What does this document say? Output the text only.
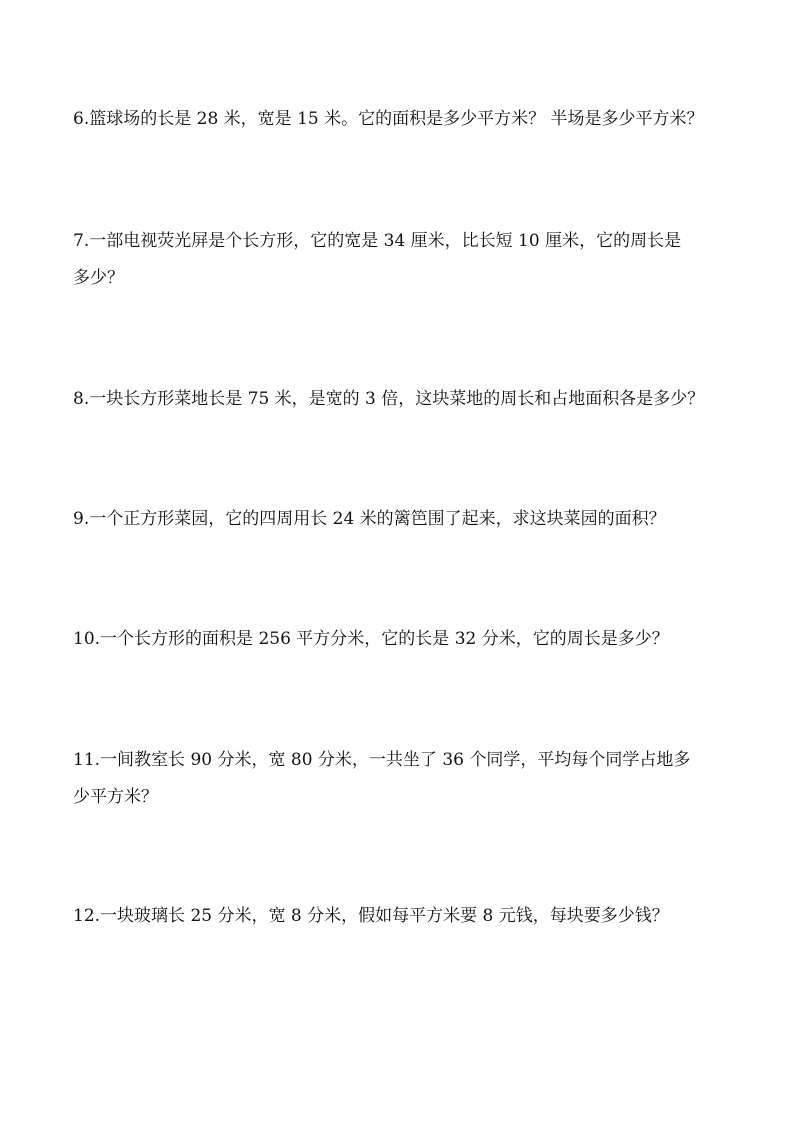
6.篮球场的长是 28 米，宽是 15 米。它的面积是多少平方米？ 半场是多少平方米？
7.一部电视荧光屏是个长方形，它的宽是 34 厘米，比长短 10 厘米，它的周长是
多少？
8.一块长方形菜地长是 75 米，是宽的 3 倍，这块菜地的周长和占地面积各是多少？
9.一个正方形菜园，它的四周用长 24 米的篱笆围了起来，求这块菜园的面积？
10.一个长方形的面积是 256 平方分米，它的长是 32 分米，它的周长是多少？
11.一间教室长 90 分米，宽 80 分米，一共坐了 36 个同学，平均每个同学占地多
少平方米？
12.一块玻璃长 25 分米，宽 8 分米，假如每平方米要 8 元钱，每块要多少钱？
